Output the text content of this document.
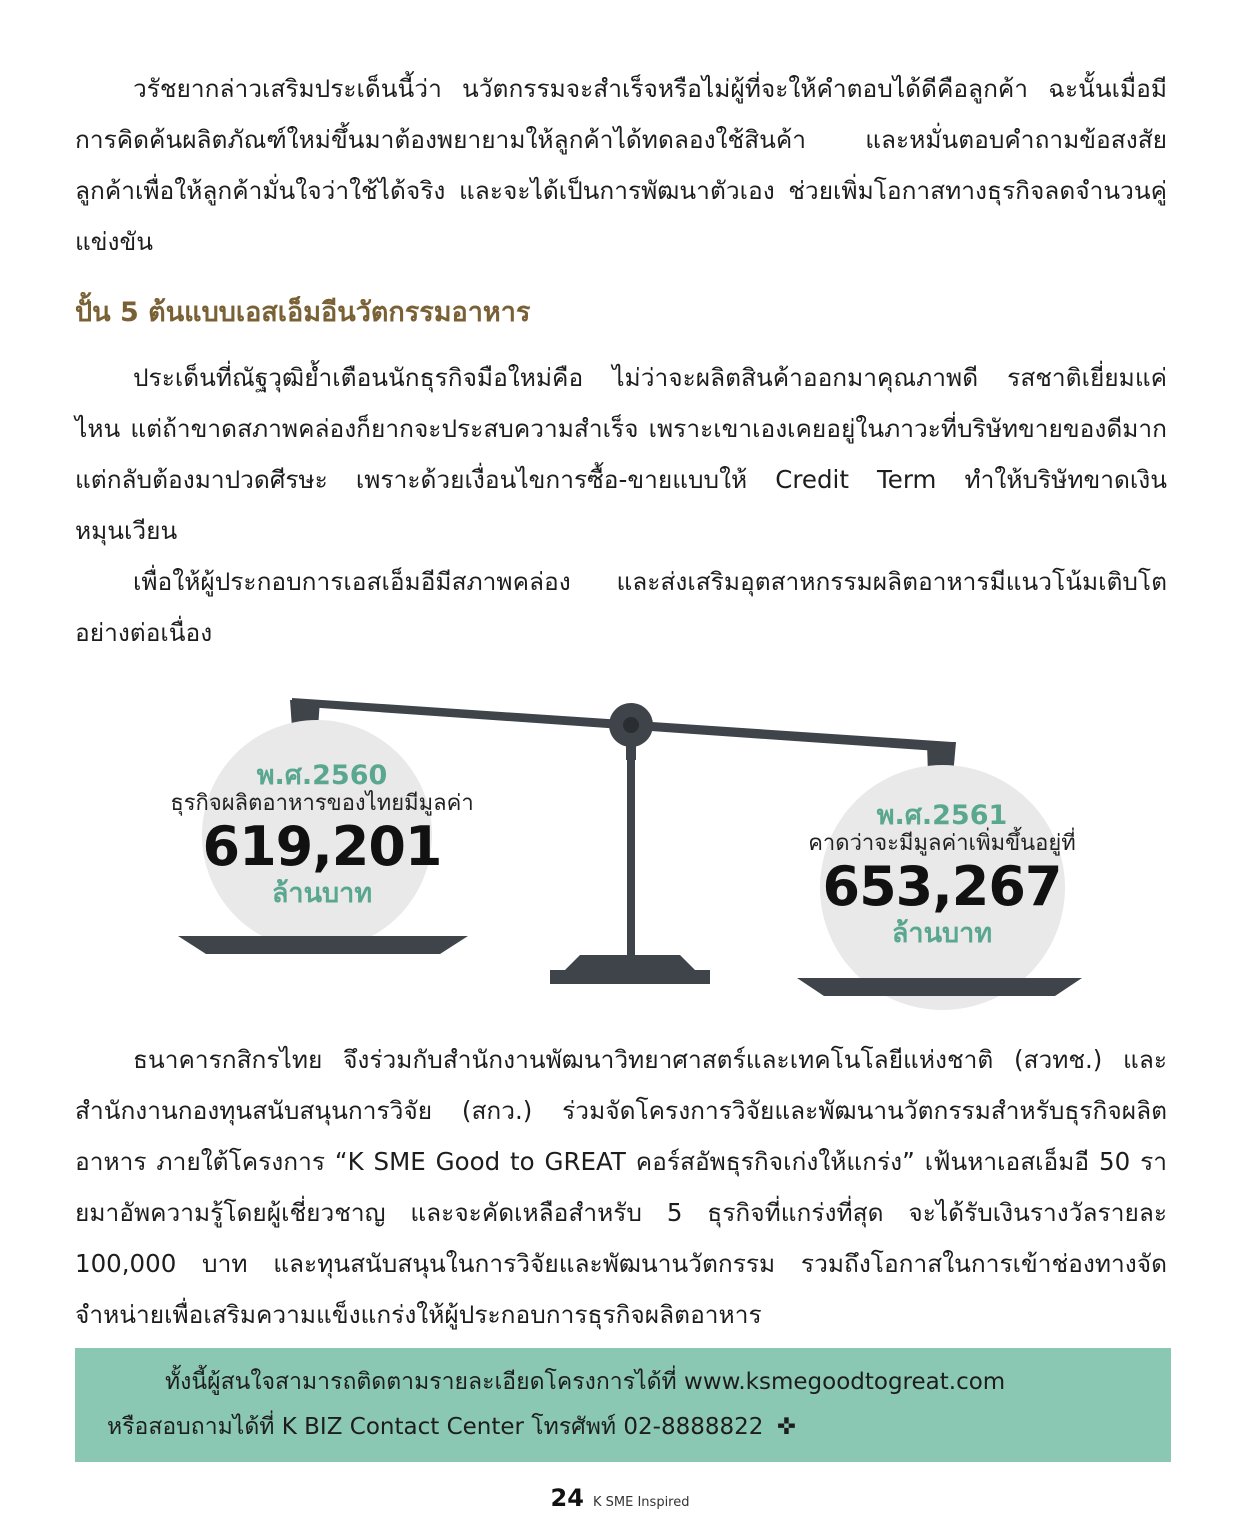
วรัชยากล่าวเสริมประเด็นนี้ว่า นวัตกรรมจะสำเร็จหรือไม่ผู้ที่จะให้คำตอบได้ดีคือลูกค้า ฉะนั้นเมื่อมีการคิดค้นผลิตภัณฑ์ใหม่ขึ้นมาต้องพยายามให้ลูกค้าได้ทดลองใช้สินค้า และหมั่นตอบคำถามข้อสงสัยลูกค้าเพื่อให้ลูกค้ามั่นใจว่าใช้ได้จริง และจะได้เป็นการพัฒนาตัวเอง ช่วยเพิ่มโอกาสทางธุรกิจลดจำนวนคู่แข่งขัน

ปั้น 5 ต้นแบบเอสเอ็มอีนวัตกรรมอาหาร

ประเด็นที่ณัฐวุฒิย้ำเตือนนักธุรกิจมือใหม่คือ ไม่ว่าจะผลิตสินค้าออกมาคุณภาพดี รสชาติเยี่ยมแค่ไหน แต่ถ้าขาดสภาพคล่องก็ยากจะประสบความสำเร็จ เพราะเขาเองเคยอยู่ในภาวะที่บริษัทขายของดีมากแต่กลับต้องมาปวดศีรษะ เพราะด้วยเงื่อนไขการซื้อ-ขายแบบให้ Credit Term ทำให้บริษัทขาดเงินหมุนเวียน

เพื่อให้ผู้ประกอบการเอสเอ็มอีมีสภาพคล่อง และส่งเสริมอุตสาหกรรมผลิตอาหารมีแนวโน้มเติบโตอย่างต่อเนื่อง

พ.ศ.2560
ธุรกิจผลิตอาหารของไทยมีมูลค่า
619,201
ล้านบาท
พ.ศ.2561
คาดว่าจะมีมูลค่าเพิ่มขึ้นอยู่ที่
653,267
ล้านบาท

ธนาคารกสิกรไทย จึงร่วมกับสำนักงานพัฒนาวิทยาศาสตร์และเทคโนโลยีแห่งชาติ (สวทช.) และสำนักงานกองทุนสนับสนุนการวิจัย (สกว.) ร่วมจัดโครงการวิจัยและพัฒนานวัตกรรมสำหรับธุรกิจผลิตอาหาร ภายใต้โครงการ “K SME Good to GREAT คอร์สอัพธุรกิจเก่งให้แกร่ง” เฟ้นหาเอสเอ็มอี 50 รายมาอัพความรู้โดยผู้เชี่ยวชาญ และจะคัดเหลือสำหรับ 5 ธุรกิจที่แกร่งที่สุด จะได้รับเงินรางวัลรายละ 100,000 บาท และทุนสนับสนุนในการวิจัยและพัฒนานวัตกรรม รวมถึงโอกาสในการเข้าช่องทางจัดจำหน่ายเพื่อเสริมความแข็งแกร่งให้ผู้ประกอบการธุรกิจผลิตอาหาร

ทั้งนี้ผู้สนใจสามารถติดตามรายละเอียดโครงการได้ที่ www.ksmegoodtogreat.com

หรือสอบถามได้ที่ K BIZ Contact Center โทรศัพท์ 02-8888822 ✜

24 K SME Inspired
